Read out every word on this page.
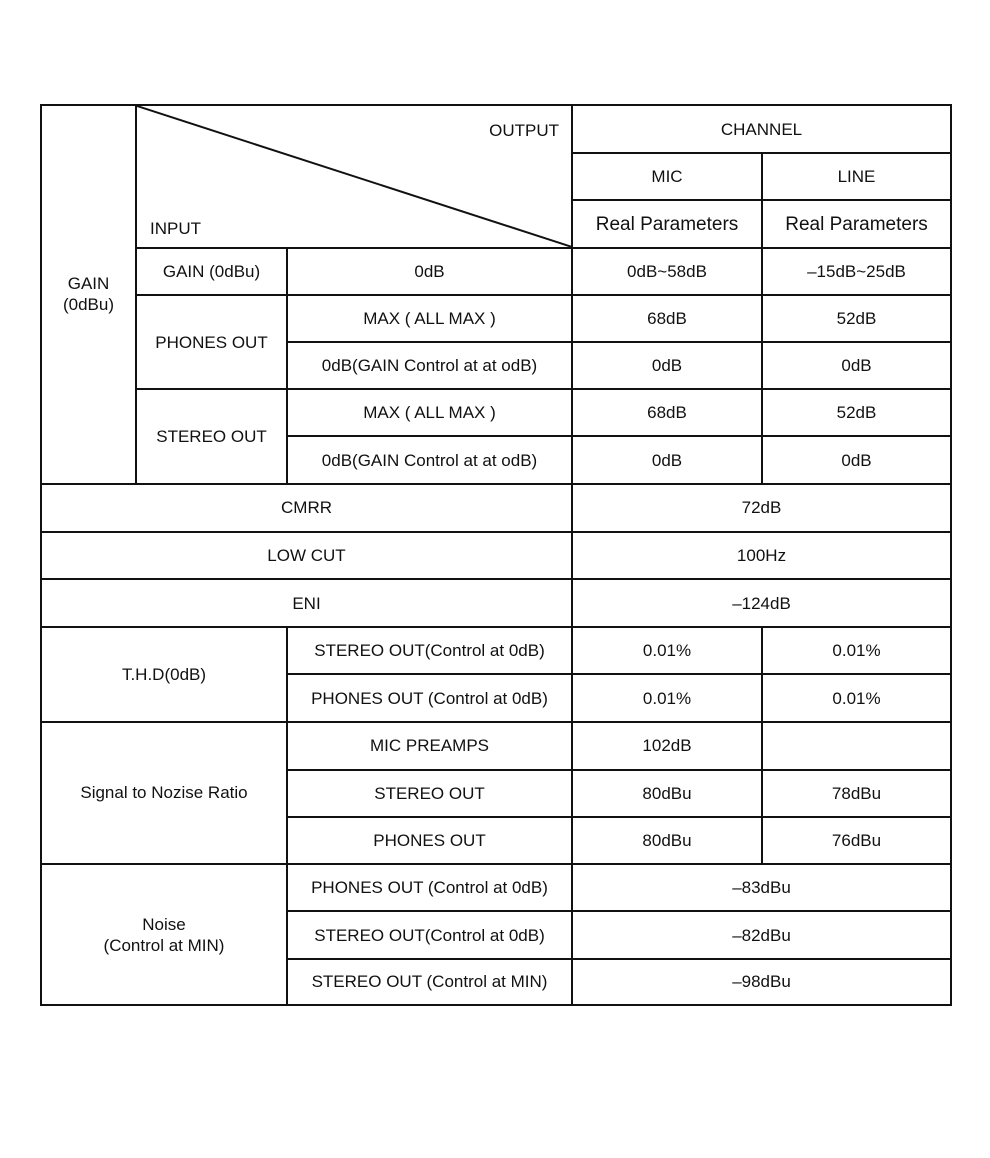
GAIN
(0dBu)	OUTPUT
INPUT		CHANNEL	
			MIC	LINE
			Real Parameters	Real Parameters
	GAIN (0dBu)	0dB	0dB~58dB	–15dB~25dB
	PHONES OUT	MAX ( ALL MAX )	68dB	52dB
		0dB(GAIN Control at at odB)	0dB	0dB
	STEREO OUT	MAX ( ALL MAX )	68dB	52dB
		0dB(GAIN Control at at odB)	0dB	0dB
CMRR			72dB	
LOW CUT			100Hz	
ENI			–124dB	
T.H.D(0dB)		STEREO OUT(Control at 0dB)	0.01%	0.01%
		PHONES OUT (Control at 0dB)	0.01%	0.01%
Signal to Nozise Ratio		MIC PREAMPS	102dB	
		STEREO OUT	80dBu	78dBu
		PHONES OUT	80dBu	76dBu

Noise
(Control at MIN)		PHONES OUT (Control at 0dB)	–83dBu	
		STEREO OUT(Control at 0dB)	–82dBu	
		STEREO OUT (Control at MIN)	–98dBu	
